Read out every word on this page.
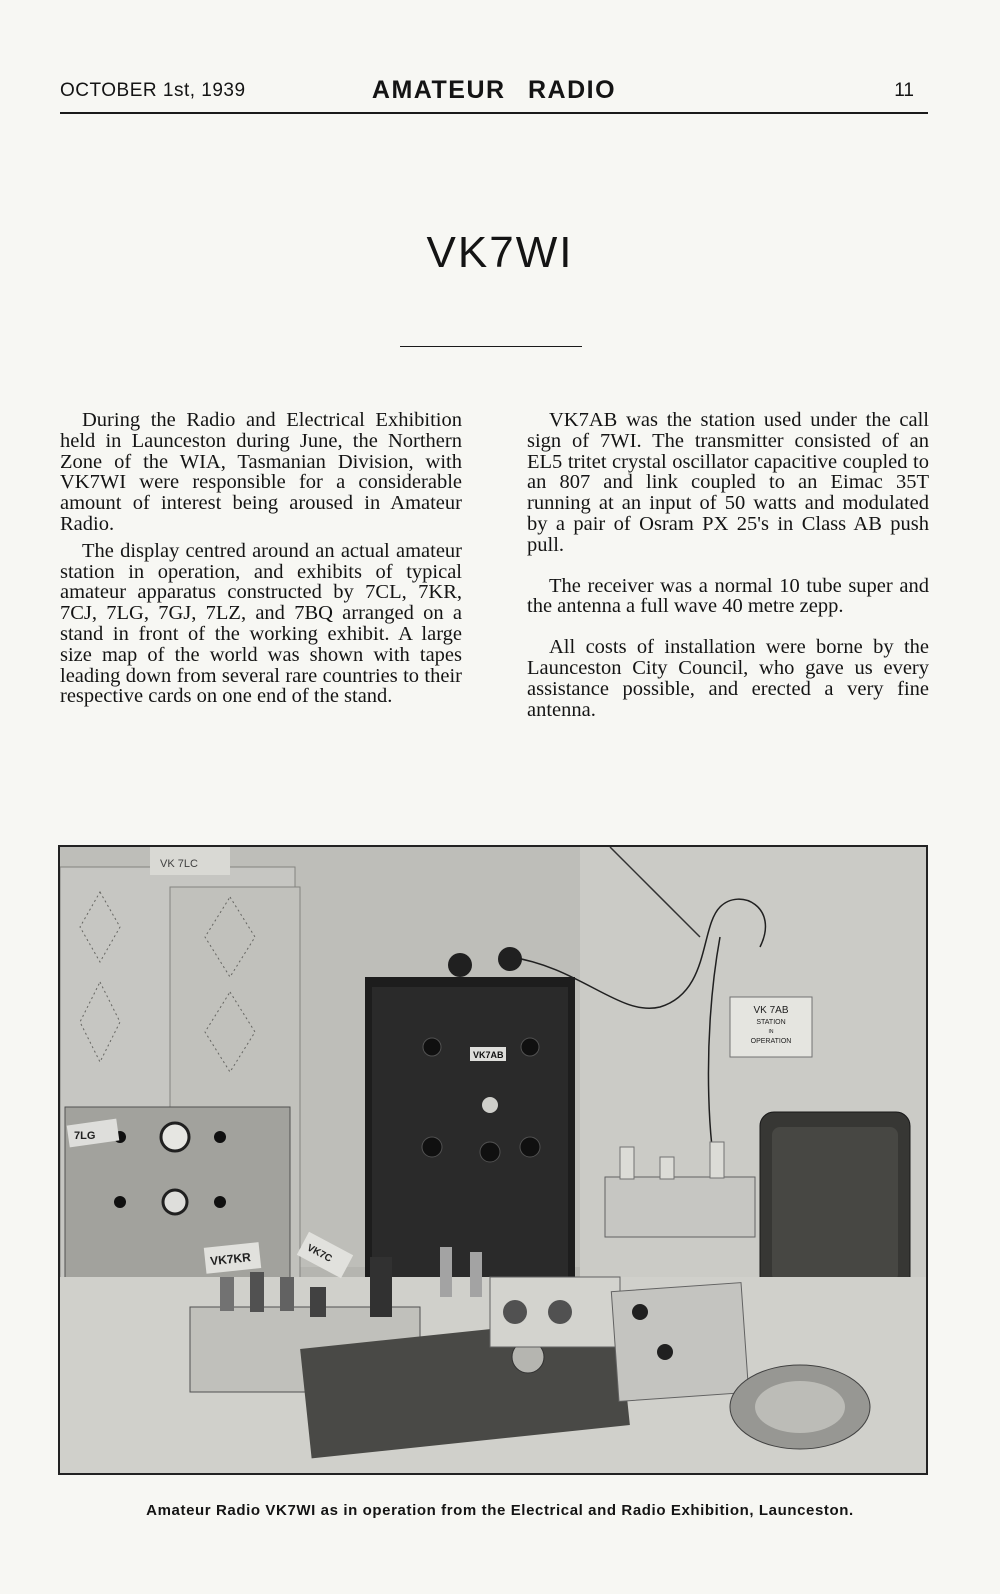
OCTOBER 1st, 1939	AMATEUR RADIO	11
VK7WI

During the Radio and Electrical Exhibition held in Launceston during June, the Northern Zone of the WIA, Tasmanian Division, with VK7WI were responsible for a considerable amount of interest being aroused in Amateur Radio.

The display centred around an actual amateur station in operation, and exhibits of typical amateur apparatus constructed by 7CL, 7KR, 7CJ, 7LG, 7GJ, 7LZ, and 7BQ arranged on a stand in front of the working exhibit. A large size map of the world was shown with tapes leading down from several rare countries to their respective cards on one end of the stand.

VK7AB was the station used under the call sign of 7WI. The transmitter consisted of an EL5 tritet crystal oscillator capacitive coupled to an 807 and link coupled to an Eimac 35T running at an input of 50 watts and modulated by a pair of Osram PX 25's in Class AB push pull.

The receiver was a normal 10 tube super and the antenna a full wave 40 metre zepp.

All costs of installation were borne by the Launceston City Council, who gave us every assistance possible, and erected a very fine antenna.

VK 7LC
7LG
VK7AB
VK 7AB
STATION
IN
OPERATION
VK7KR	VK7C
Amateur Radio VK7WI as in operation from the Electrical and Radio Exhibition, Launceston.
